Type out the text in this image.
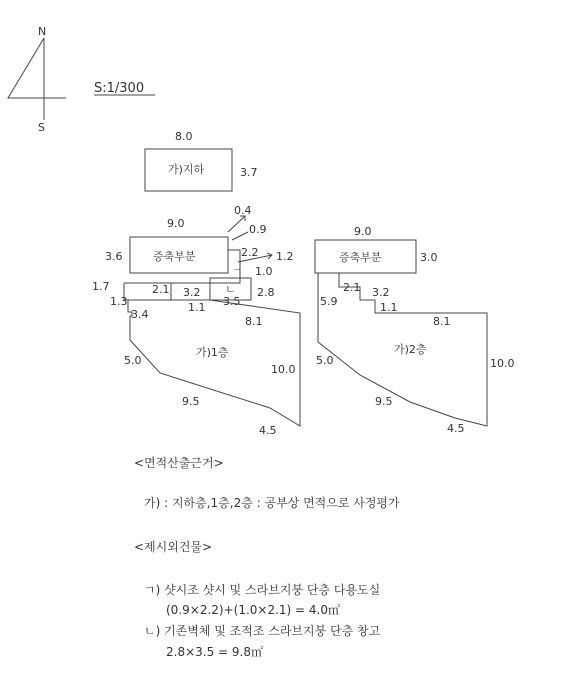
N
S
S:1/300
8.0
3.7
가)지하
9.0
3.6	증축부분
0.4
0.9
2.2 1.2
ㄱ 1.0
1.7	2.1 3.2 ㄴ 2.8
1.3	1.1 3.5
3.4
8.1
가)1층
5.0
10.0
9.5
4.5
9.0
3.0
증축부분
2.1 3.2
5.9	1.1
8.1
가)2층
5.0	10.0
9.5
4.5
<면적산출근거>
가) : 지하층,1층,2층 : 공부상 면적으로 사정평가
<제시외건물>
ㄱ) 샷시조 샷시 및 스라브지붕 단층 다용도실
(0.9×2.2)+(1.0×2.1) = 4.0㎡
ㄴ) 기존벽체 및 조적조 스라브지붕 단층 창고
2.8×3.5 = 9.8㎡
